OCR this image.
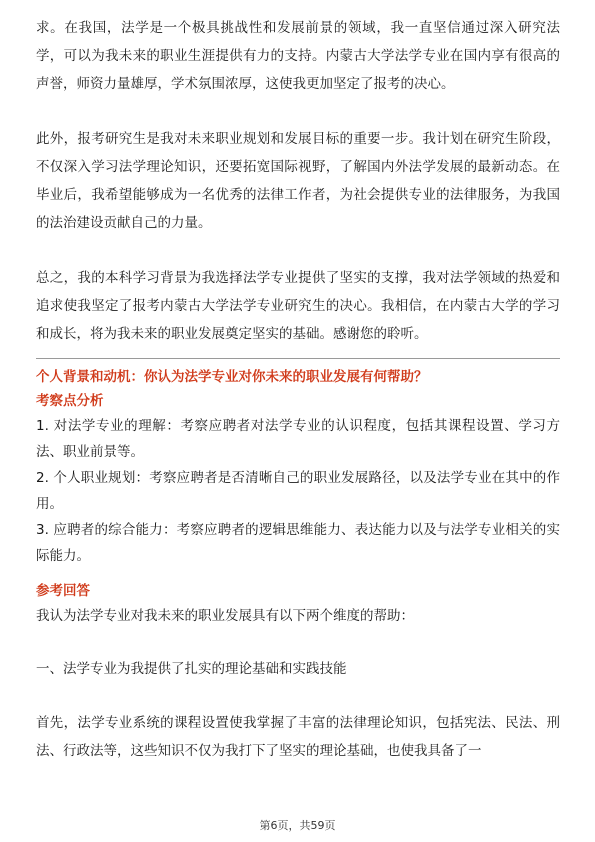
求。在我国，法学是一个极具挑战性和发展前景的领域，我一直坚信通过深入研究法学，可以为我未来的职业生涯提供有力的支持。内蒙古大学法学专业在国内享有很高的声誉，师资力量雄厚，学术氛围浓厚，这使我更加坚定了报考的决心。

此外，报考研究生是我对未来职业规划和发展目标的重要一步。我计划在研究生阶段，不仅深入学习法学理论知识，还要拓宽国际视野，了解国内外法学发展的最新动态。在毕业后，我希望能够成为一名优秀的法律工作者，为社会提供专业的法律服务，为我国的法治建设贡献自己的力量。

总之，我的本科学习背景为我选择法学专业提供了坚实的支撑，我对法学领域的热爱和追求使我坚定了报考内蒙古大学法学专业研究生的决心。我相信，在内蒙古大学的学习和成长，将为我未来的职业发展奠定坚实的基础。感谢您的聆听。

个人背景和动机：你认为法学专业对你未来的职业发展有何帮助？

考察点分析

1. 对法学专业的理解：考察应聘者对法学专业的认识程度，包括其课程设置、学习方法、职业前景等。

2. 个人职业规划：考察应聘者是否清晰自己的职业发展路径，以及法学专业在其中的作用。

3. 应聘者的综合能力：考察应聘者的逻辑思维能力、表达能力以及与法学专业相关的实际能力。

参考回答

我认为法学专业对我未来的职业发展具有以下两个维度的帮助：

一、法学专业为我提供了扎实的理论基础和实践技能

首先，法学专业系统的课程设置使我掌握了丰富的法律理论知识，包括宪法、民法、刑法、行政法等，这些知识不仅为我打下了坚实的理论基础，也使我具备了一

第6页，共59页
